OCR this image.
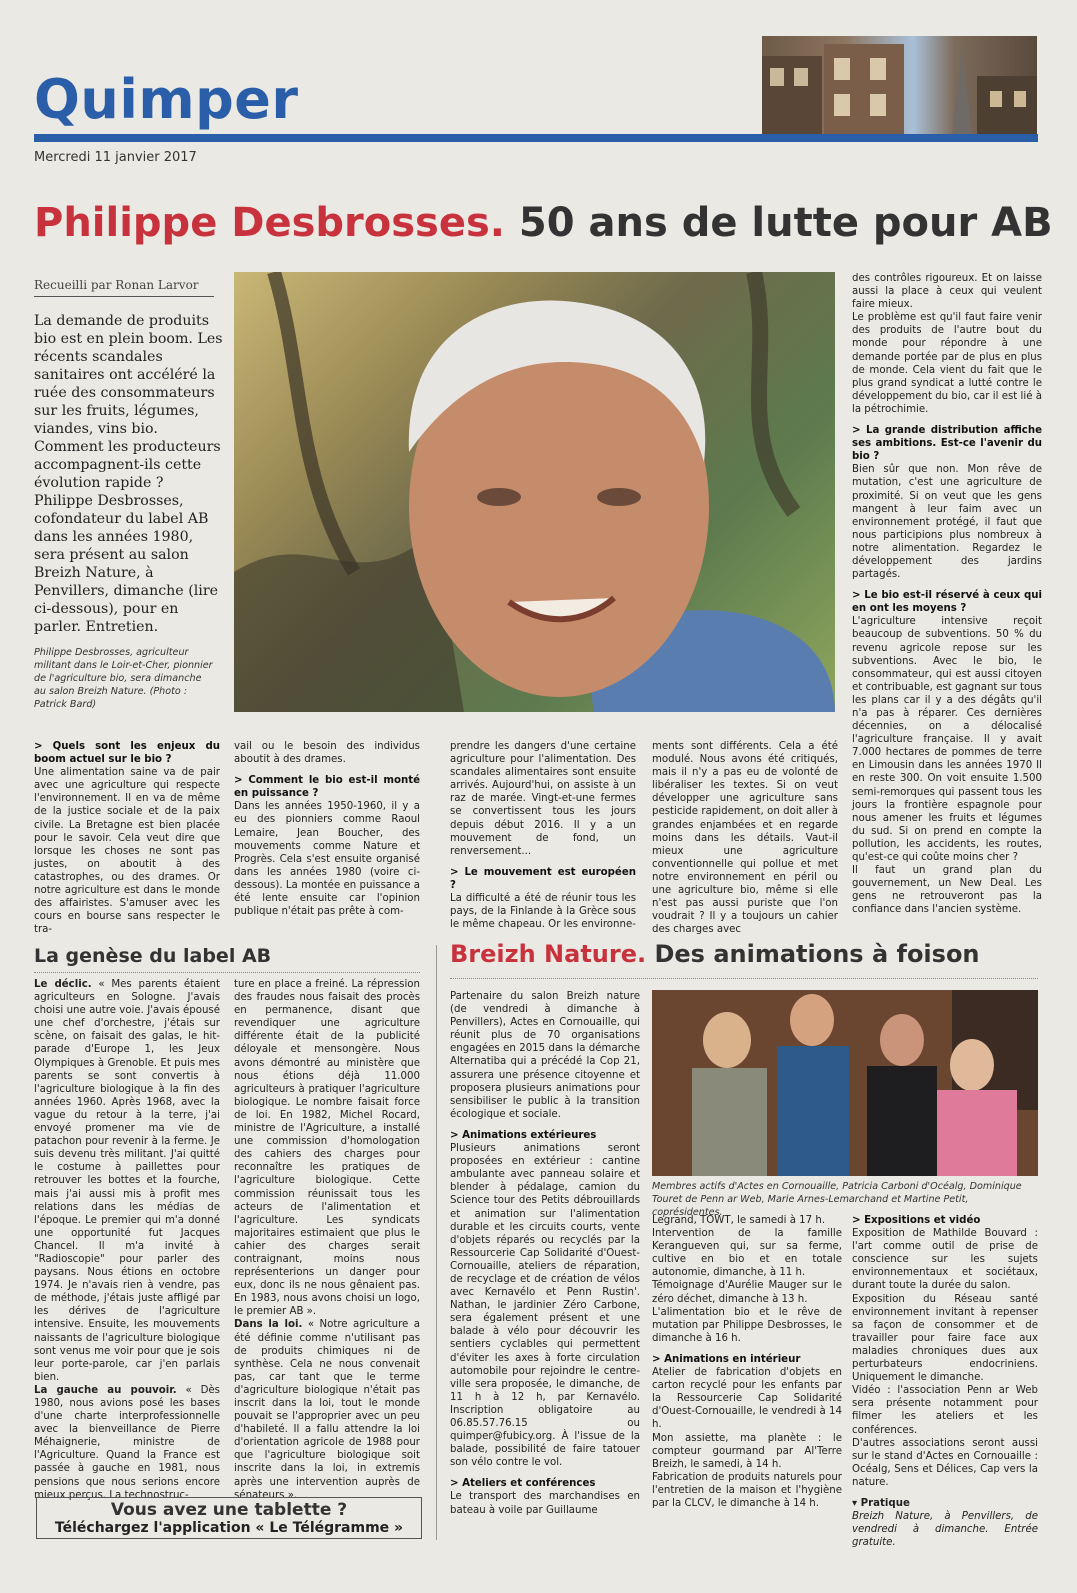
Quimper
Mercredi 11 janvier 2017
Philippe Desbrosses. 50 ans de lutte pour AB
Recueilli par Ronan Larvor
La demande de produits bio est en plein boom. Les récents scandales sanitaires ont accéléré la ruée des consommateurs sur les fruits, légumes, viandes, vins bio. Comment les producteurs accompagnent-ils cette évolution rapide ? Philippe Desbrosses, cofondateur du label AB dans les années 1980, sera présent au salon Breizh Nature, à Penvillers, dimanche (lire ci-dessous), pour en parler. Entretien.
Philippe Desbrosses, agriculteur militant dans le Loir-et-Cher, pionnier de l'agriculture bio, sera dimanche au salon Breizh Nature. (Photo : Patrick Bard)

des contrôles rigoureux. Et on laisse aussi la place à ceux qui veulent faire mieux.

Le problème est qu'il faut faire venir des produits de l'autre bout du monde pour répondre à une demande portée par de plus en plus de monde. Cela vient du fait que le plus grand syndicat a lutté contre le développement du bio, car il est lié à la pétrochimie.

> La grande distribution affiche ses ambitions. Est-ce l'avenir du bio ?

Bien sûr que non. Mon rêve de mutation, c'est une agriculture de proximité. Si on veut que les gens mangent à leur faim avec un environnement protégé, il faut que nous participions plus nombreux à notre alimentation. Regardez le développement des jardins partagés.

> Le bio est-il réservé à ceux qui en ont les moyens ?

L'agriculture intensive reçoit beaucoup de subventions. 50 % du revenu agricole repose sur les subventions. Avec le bio, le consommateur, qui est aussi citoyen et contribuable, est gagnant sur tous les plans car il y a des dégâts qu'il n'a pas à réparer. Ces dernières décennies, on a délocalisé l'agriculture française. Il y avait 7.000 hectares de pommes de terre en Limousin dans les années 1970 Il en reste 300. On voit ensuite 1.500 semi-remorques qui passent tous les jours la frontière espagnole pour nous amener les fruits et légumes du sud. Si on prend en compte la pollution, les accidents, les routes, qu'est-ce qui coûte moins cher ?

Il faut un grand plan du gouvernement, un New Deal. Les gens ne retrouveront pas la confiance dans l'ancien système.

> Quels sont les enjeux du boom actuel sur le bio ?

Une alimentation saine va de pair avec une agriculture qui respecte l'environnement. Il en va de même de la justice sociale et de la paix civile. La Bretagne est bien placée pour le savoir. Cela veut dire que lorsque les choses ne sont pas justes, on aboutit à des catastrophes, ou des drames. Or notre agriculture est dans le monde des affairistes. S'amuser avec les cours en bourse sans respecter le tra-

vail ou le besoin des individus aboutit à des drames.

> Comment le bio est-il monté en puissance ?

Dans les années 1950-1960, il y a eu des pionniers comme Raoul Lemaire, Jean Boucher, des mouvements comme Nature et Progrès. Cela s'est ensuite organisé dans les années 1980 (voire ci-dessous). La montée en puissance a été lente ensuite car l'opinion publique n'était pas prête à com-

prendre les dangers d'une certaine agriculture pour l'alimentation. Des scandales alimentaires sont ensuite arrivés. Aujourd'hui, on assiste à un raz de marée. Vingt-et-une fermes se convertissent tous les jours depuis début 2016. Il y a un mouvement de fond, un renversement...

> Le mouvement est européen ?

La difficulté a été de réunir tous les pays, de la Finlande à la Grèce sous le même chapeau. Or les environne-

ments sont différents. Cela a été modulé. Nous avons été critiqués, mais il n'y a pas eu de volonté de libéraliser les textes. Si on veut développer une agriculture sans pesticide rapidement, on doit aller à grandes enjambées et en regarde moins dans les détails. Vaut-il mieux une agriculture conventionnelle qui pollue et met notre environnement en péril ou une agriculture bio, même si elle n'est pas aussi puriste que l'on voudrait ? Il y a toujours un cahier des charges avec

La genèse du label AB

Le déclic. « Mes parents étaient agriculteurs en Sologne. J'avais choisi une autre voie. J'avais épousé une chef d'orchestre, j'étais sur scène, on faisait des galas, le hit-parade d'Europe 1, les Jeux Olympiques à Grenoble. Et puis mes parents se sont convertis à l'agriculture biologique à la fin des années 1960. Après 1968, avec la vague du retour à la terre, j'ai envoyé promener ma vie de patachon pour revenir à la ferme. Je suis devenu très militant. J'ai quitté le costume à paillettes pour retrouver les bottes et la fourche, mais j'ai aussi mis à profit mes relations dans les médias de l'époque. Le premier qui m'a donné une opportunité fut Jacques Chancel. Il m'a invité à "Radioscopie" pour parler des paysans. Nous étions en octobre 1974. Je n'avais rien à vendre, pas de méthode, j'étais juste affligé par les dérives de l'agriculture intensive. Ensuite, les mouvements naissants de l'agriculture biologique sont venus me voir pour que je sois leur porte-parole, car j'en parlais bien.

La gauche au pouvoir. « Dès 1980, nous avions posé les bases d'une charte interprofessionnelle avec la bienveillance de Pierre Méhaignerie, ministre de l'Agriculture. Quand la France est passée à gauche en 1981, nous pensions que nous serions encore mieux perçus. La technostruc-

ture en place a freiné. La répression des fraudes nous faisait des procès en permanence, disant que revendiquer une agriculture différente était de la publicité déloyale et mensongère. Nous avons démontré au ministère que nous étions déjà 11.000 agriculteurs à pratiquer l'agriculture biologique. Le nombre faisait force de loi. En 1982, Michel Rocard, ministre de l'Agriculture, a installé une commission d'homologation des cahiers des charges pour reconnaître les pratiques de l'agriculture biologique. Cette commission réunissait tous les acteurs de l'alimentation et l'agriculture. Les syndicats majoritaires estimaient que plus le cahier des charges serait contraignant, moins nous représenterions un danger pour eux, donc ils ne nous gênaient pas. En 1983, nous avons choisi un logo, le premier AB ».

Dans la loi. « Notre agriculture a été définie comme n'utilisant pas de produits chimiques ni de synthèse. Cela ne nous convenait pas, car tant que le terme d'agriculture biologique n'était pas inscrit dans la loi, tout le monde pouvait se l'approprier avec un peu d'habileté. Il a fallu attendre la loi d'orientation agricole de 1988 pour que l'agriculture biologique soit inscrite dans la loi, in extremis après une intervention auprès de sénateurs ».

Vous avez une tablette ?
Téléchargez l'application « Le Télégramme »
Breizh Nature. Des animations à foison

Partenaire du salon Breizh nature (de vendredi à dimanche à Penvillers), Actes en Cornouaille, qui réunit plus de 70 organisations engagées en 2015 dans la démarche Alternatiba qui a précédé la Cop 21, assurera une présence citoyenne et proposera plusieurs animations pour sensibiliser le public à la transition écologique et sociale.

> Animations extérieures

Plusieurs animations seront proposées en extérieur : cantine ambulante avec panneau solaire et blender à pédalage, camion du Science tour des Petits débrouillards et animation sur l'alimentation durable et les circuits courts, vente d'objets réparés ou recyclés par la Ressourcerie Cap Solidarité d'Ouest-Cornouaille, ateliers de réparation, de recyclage et de création de vélos avec Kernavélo et Penn Rustin'. Nathan, le jardinier Zéro Carbone, sera également présent et une balade à vélo pour découvrir les sentiers cyclables qui permettent d'éviter les axes à forte circulation automobile pour rejoindre le centre-ville sera proposée, le dimanche, de 11 h à 12 h, par Kernavélo. Inscription obligatoire au 06.85.57.76.15 ou quimper@fubicy.org. À l'issue de la balade, possibilité de faire tatouer son vélo contre le vol.

> Ateliers et conférences

Le transport des marchandises en bateau à voile par Guillaume

Membres actifs d'Actes en Cornouaille, Patricia Carboni d'Océalg, Dominique Touret de Penn ar Web, Marie Arnes-Lemarchand et Martine Petit, coprésidentes.

Legrand, TOWT, le samedi à 17 h.

Intervention de la famille Kerangueven qui, sur sa ferme, cultive en bio et en totale autonomie, dimanche, à 11 h.

Témoignage d'Aurélie Mauger sur le zéro déchet, dimanche à 13 h.

L'alimentation bio et le rêve de mutation par Philippe Desbrosses, le dimanche à 16 h.

> Animations en intérieur

Atelier de fabrication d'objets en carton recyclé pour les enfants par la Ressourcerie Cap Solidarité d'Ouest-Cornouaille, le vendredi à 14 h.

Mon assiette, ma planète : le compteur gourmand par Al'Terre Breizh, le samedi, à 14 h.

Fabrication de produits naturels pour l'entretien de la maison et l'hygiène par la CLCV, le dimanche à 14 h.

> Expositions et vidéo

Exposition de Mathilde Bouvard : l'art comme outil de prise de conscience sur les sujets environnementaux et sociétaux, durant toute la durée du salon.

Exposition du Réseau santé environnement invitant à repenser sa façon de consommer et de travailler pour faire face aux maladies chroniques dues aux perturbateurs endocriniens. Uniquement le dimanche.

Vidéo : l'association Penn ar Web sera présente notamment pour filmer les ateliers et les conférences.

D'autres associations seront aussi sur le stand d'Actes en Cornouaille : Océalg, Sens et Délices, Cap vers la nature.

▾ Pratique

Breizh Nature, à Penvillers, de vendredi à dimanche. Entrée gratuite.
